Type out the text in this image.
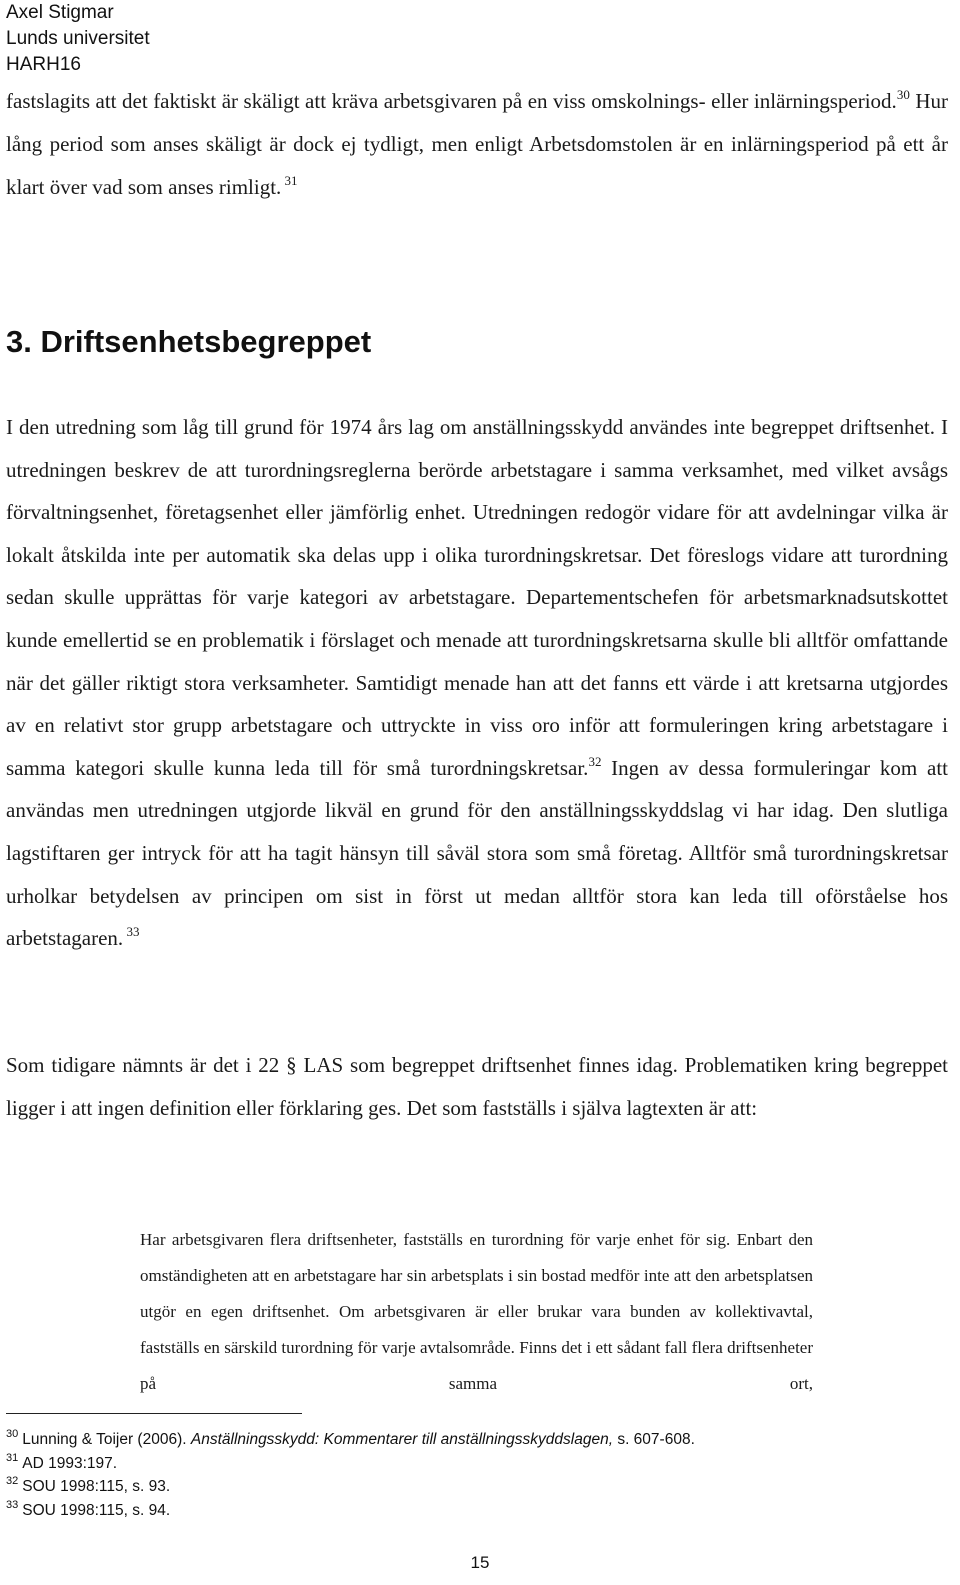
Axel Stigmar
Lunds universitet
HARH16

fastslagits att det faktiskt är skäligt att kräva arbetsgivaren på en viss omskolnings- eller inlärningsperiod.$^{30}$ Hur lång period som anses skäligt är dock ej tydligt, men enligt Arbetsdomstolen är en inlärningsperiod på ett år klart över vad som anses rimligt. $^{31}$

3. Driftsenhetsbegreppet

I den utredning som låg till grund för 1974 års lag om anställningsskydd användes inte begreppet driftsenhet. I utredningen beskrev de att turordningsreglerna berörde arbetstagare i samma verksamhet, med vilket avsågs förvaltningsenhet, företagsenhet eller jämförlig enhet. Utredningen redogör vidare för att avdelningar vilka är lokalt åtskilda inte per automatik ska delas upp i olika turordningskretsar. Det föreslogs vidare att turordning sedan skulle upprättas för varje kategori av arbetstagare. Departementschefen för arbetsmarknadsutskottet kunde emellertid se en problematik i förslaget och menade att turordningskretsarna skulle bli alltför omfattande när det gäller riktigt stora verksamheter. Samtidigt menade han att det fanns ett värde i att kretsarna utgjordes av en relativt stor grupp arbetstagare och uttryckte in viss oro inför att formuleringen kring arbetstagare i samma kategori skulle kunna leda till för små turordningskretsar.$^{32}$ Ingen av dessa formuleringar kom att användas men utredningen utgjorde likväl en grund för den anställningsskyddslag vi har idag. Den slutliga lagstiftaren ger intryck för att ha tagit hänsyn till såväl stora som små företag. Alltför små turordningskretsar urholkar betydelsen av principen om sist in först ut medan alltför stora kan leda till oförståelse hos arbetstagaren. $^{33}$

Som tidigare nämnts är det i 22 § LAS som begreppet driftsenhet finnes idag. Problematiken kring begreppet ligger i att ingen definition eller förklaring ges. Det som fastställs i själva lagtexten är att:

Har arbetsgivaren flera driftsenheter, fastställs en turordning för varje enhet för sig. Enbart den omständigheten att en arbetstagare har sin arbetsplats i sin bostad medför inte att den arbetsplatsen utgör en egen driftsenhet. Om arbetsgivaren är eller brukar vara bunden av kollektivavtal, fastställs en särskild turordning för varje avtalsområde. Finns det i ett sådant fall flera driftsenheter på samma ort,

$^{30}$ Lunning & Toijer (2006). Anställningsskydd: Kommentarer till anställningsskyddslagen, s. 607-608.
$^{31}$ AD 1993:197.
$^{32}$ SOU 1998:115, s. 93.
$^{33}$ SOU 1998:115, s. 94.
15
